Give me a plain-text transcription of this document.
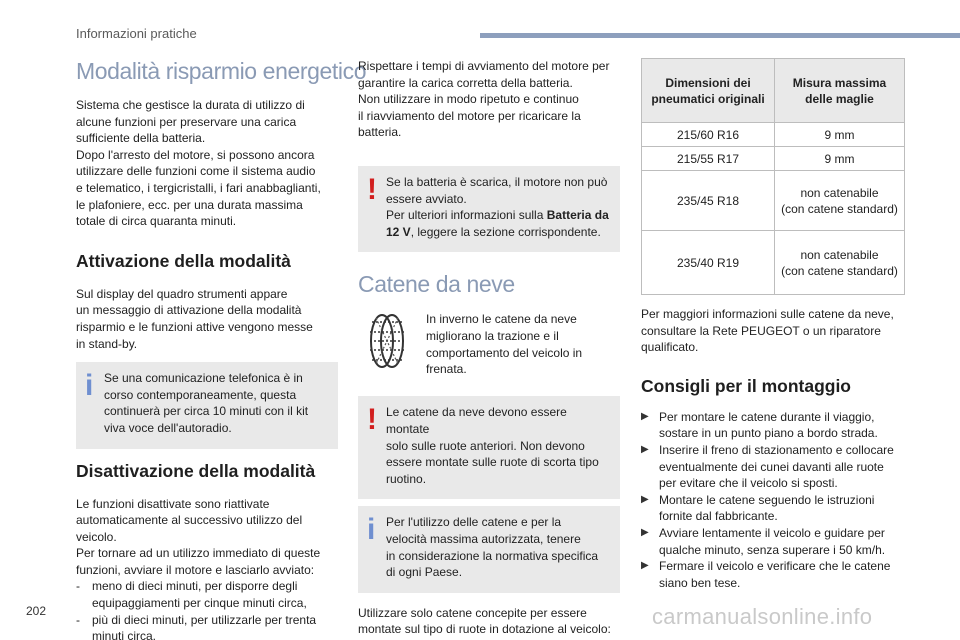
Informazioni pratiche
Modalità risparmio energetico
Sistema che gestisce la durata di utilizzo di
alcune funzioni per preservare una carica
sufficiente della batteria.
Dopo l'arresto del motore, si possono ancora
utilizzare delle funzioni come il sistema audio
e telematico, i tergicristalli, i fari anabbaglianti,
le plafoniere, ecc. per una durata massima
totale di circa quaranta minuti.
Attivazione della modalità
Sul display del quadro strumenti appare
un messaggio di attivazione della modalità
risparmio e le funzioni attive vengono messe
in stand-by.
i Se una comunicazione telefonica è in
corso contemporaneamente, questa
continuerà per circa 10 minuti con il kit
viva voce dell'autoradio.
Disattivazione della modalità
Le funzioni disattivate sono riattivate
automaticamente al successivo utilizzo del
veicolo.
Per tornare ad un utilizzo immediato di queste
funzioni, avviare il motore e lasciarlo avviato:
- meno di dieci minuti, per disporre degli
equipaggiamenti per cinque minuti circa,
- più di dieci minuti, per utilizzarle per trenta
minuti circa.
Rispettare i tempi di avviamento del motore per
garantire la carica corretta della batteria.
Non utilizzare in modo ripetuto e continuo
il riavviamento del motore per ricaricare la
batteria.
! Se la batteria è scarica, il motore non può
essere avviato.
Per ulteriori informazioni sulla Batteria da
12 V, leggere la sezione corrispondente.
Catene da neve
In inverno le catene da neve
migliorano la trazione e il
comportamento del veicolo in
frenata.
! Le catene da neve devono essere montate
solo sulle ruote anteriori. Non devono
essere montate sulle ruote di scorta tipo
ruotino.
i Per l'utilizzo delle catene e per la
velocità massima autorizzata, tenere
in considerazione la normativa specifica
di ogni Paese.
Utilizzare solo catene concepite per essere
montate sul tipo di ruote in dotazione al veicolo:
Dimensioni dei
pneumatici originali	Misura massima
delle maglie

215/60 R16	9 mm
215/55 R17	9 mm
235/45 R18	non catenabile
(con catene standard)

235/40 R19	non catenabile
(con catene standard)
Per maggiori informazioni sulle catene da neve,
consultare la Rete PEUGEOT o un riparatore
qualificato.
Consigli per il montaggio
▶ Per montare le catene durante il viaggio,
sostare in un punto piano a bordo strada.
▶ Inserire il freno di stazionamento e collocare
eventualmente dei cunei davanti alle ruote
per evitare che il veicolo si sposti.
▶ Montare le catene seguendo le istruzioni
fornite dal fabbricante.
▶ Avviare lentamente il veicolo e guidare per
qualche minuto, senza superare i 50 km/h.
▶ Fermare il veicolo e verificare che le catene
siano ben tese.
202	carmanualsonline.info
